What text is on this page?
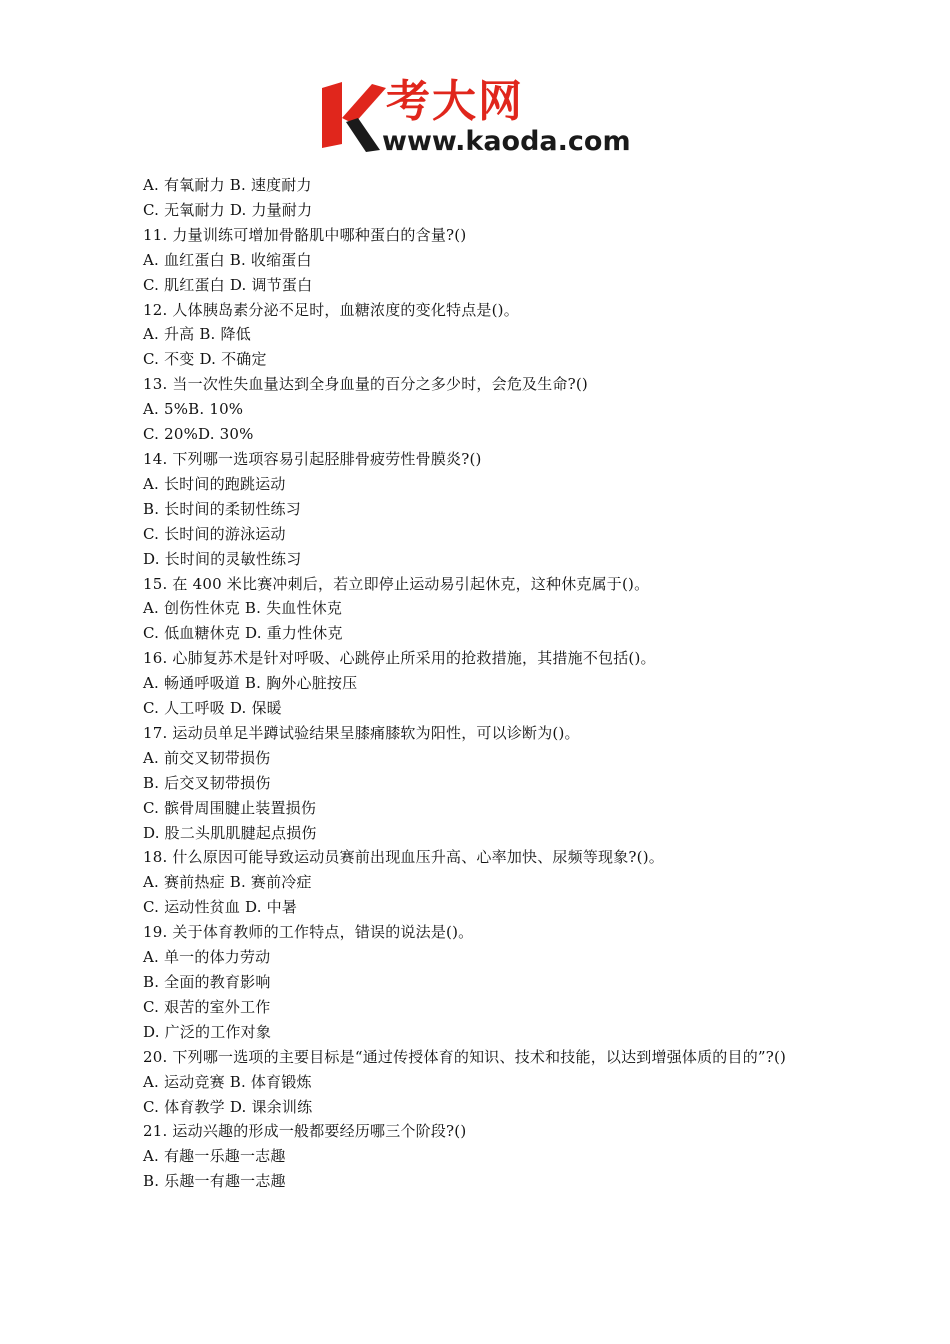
考大网
www.kaoda.com
A. 有氧耐力 B. 速度耐力
C. 无氧耐力 D. 力量耐力
11. 力量训练可增加骨骼肌中哪种蛋白的含量?()
A. 血红蛋白 B. 收缩蛋白
C. 肌红蛋白 D. 调节蛋白
12. 人体胰岛素分泌不足时，血糖浓度的变化特点是()。
A. 升高 B. 降低
C. 不变 D. 不确定
13. 当一次性失血量达到全身血量的百分之多少时，会危及生命?()
A. 5%B. 10%
C. 20%D. 30%
14. 下列哪一选项容易引起胫腓骨疲劳性骨膜炎?()
A. 长时间的跑跳运动
B. 长时间的柔韧性练习
C. 长时间的游泳运动
D. 长时间的灵敏性练习
15. 在 400 米比赛冲刺后，若立即停止运动易引起休克，这种休克属于()。
A. 创伤性休克 B. 失血性休克
C. 低血糖休克 D. 重力性休克
16. 心肺复苏术是针对呼吸、心跳停止所采用的抢救措施，其措施不包括()。
A. 畅通呼吸道 B. 胸外心脏按压
C. 人工呼吸 D. 保暖
17. 运动员单足半蹲试验结果呈膝痛膝软为阳性，可以诊断为()。
A. 前交叉韧带损伤
B. 后交叉韧带损伤
C. 髌骨周围腱止装置损伤
D. 股二头肌肌腱起点损伤
18. 什么原因可能导致运动员赛前出现血压升高、心率加快、尿频等现象?()。
A. 赛前热症 B. 赛前冷症
C. 运动性贫血 D. 中暑
19. 关于体育教师的工作特点，错误的说法是()。
A. 单一的体力劳动
B. 全面的教育影响
C. 艰苦的室外工作
D. 广泛的工作对象
20. 下列哪一选项的主要目标是“通过传授体育的知识、技术和技能，以达到增强体质的目的”?()
A. 运动竞赛 B. 体育锻炼
C. 体育教学 D. 课余训练
21. 运动兴趣的形成一般都要经历哪三个阶段?()
A. 有趣一乐趣一志趣
B. 乐趣一有趣一志趣
